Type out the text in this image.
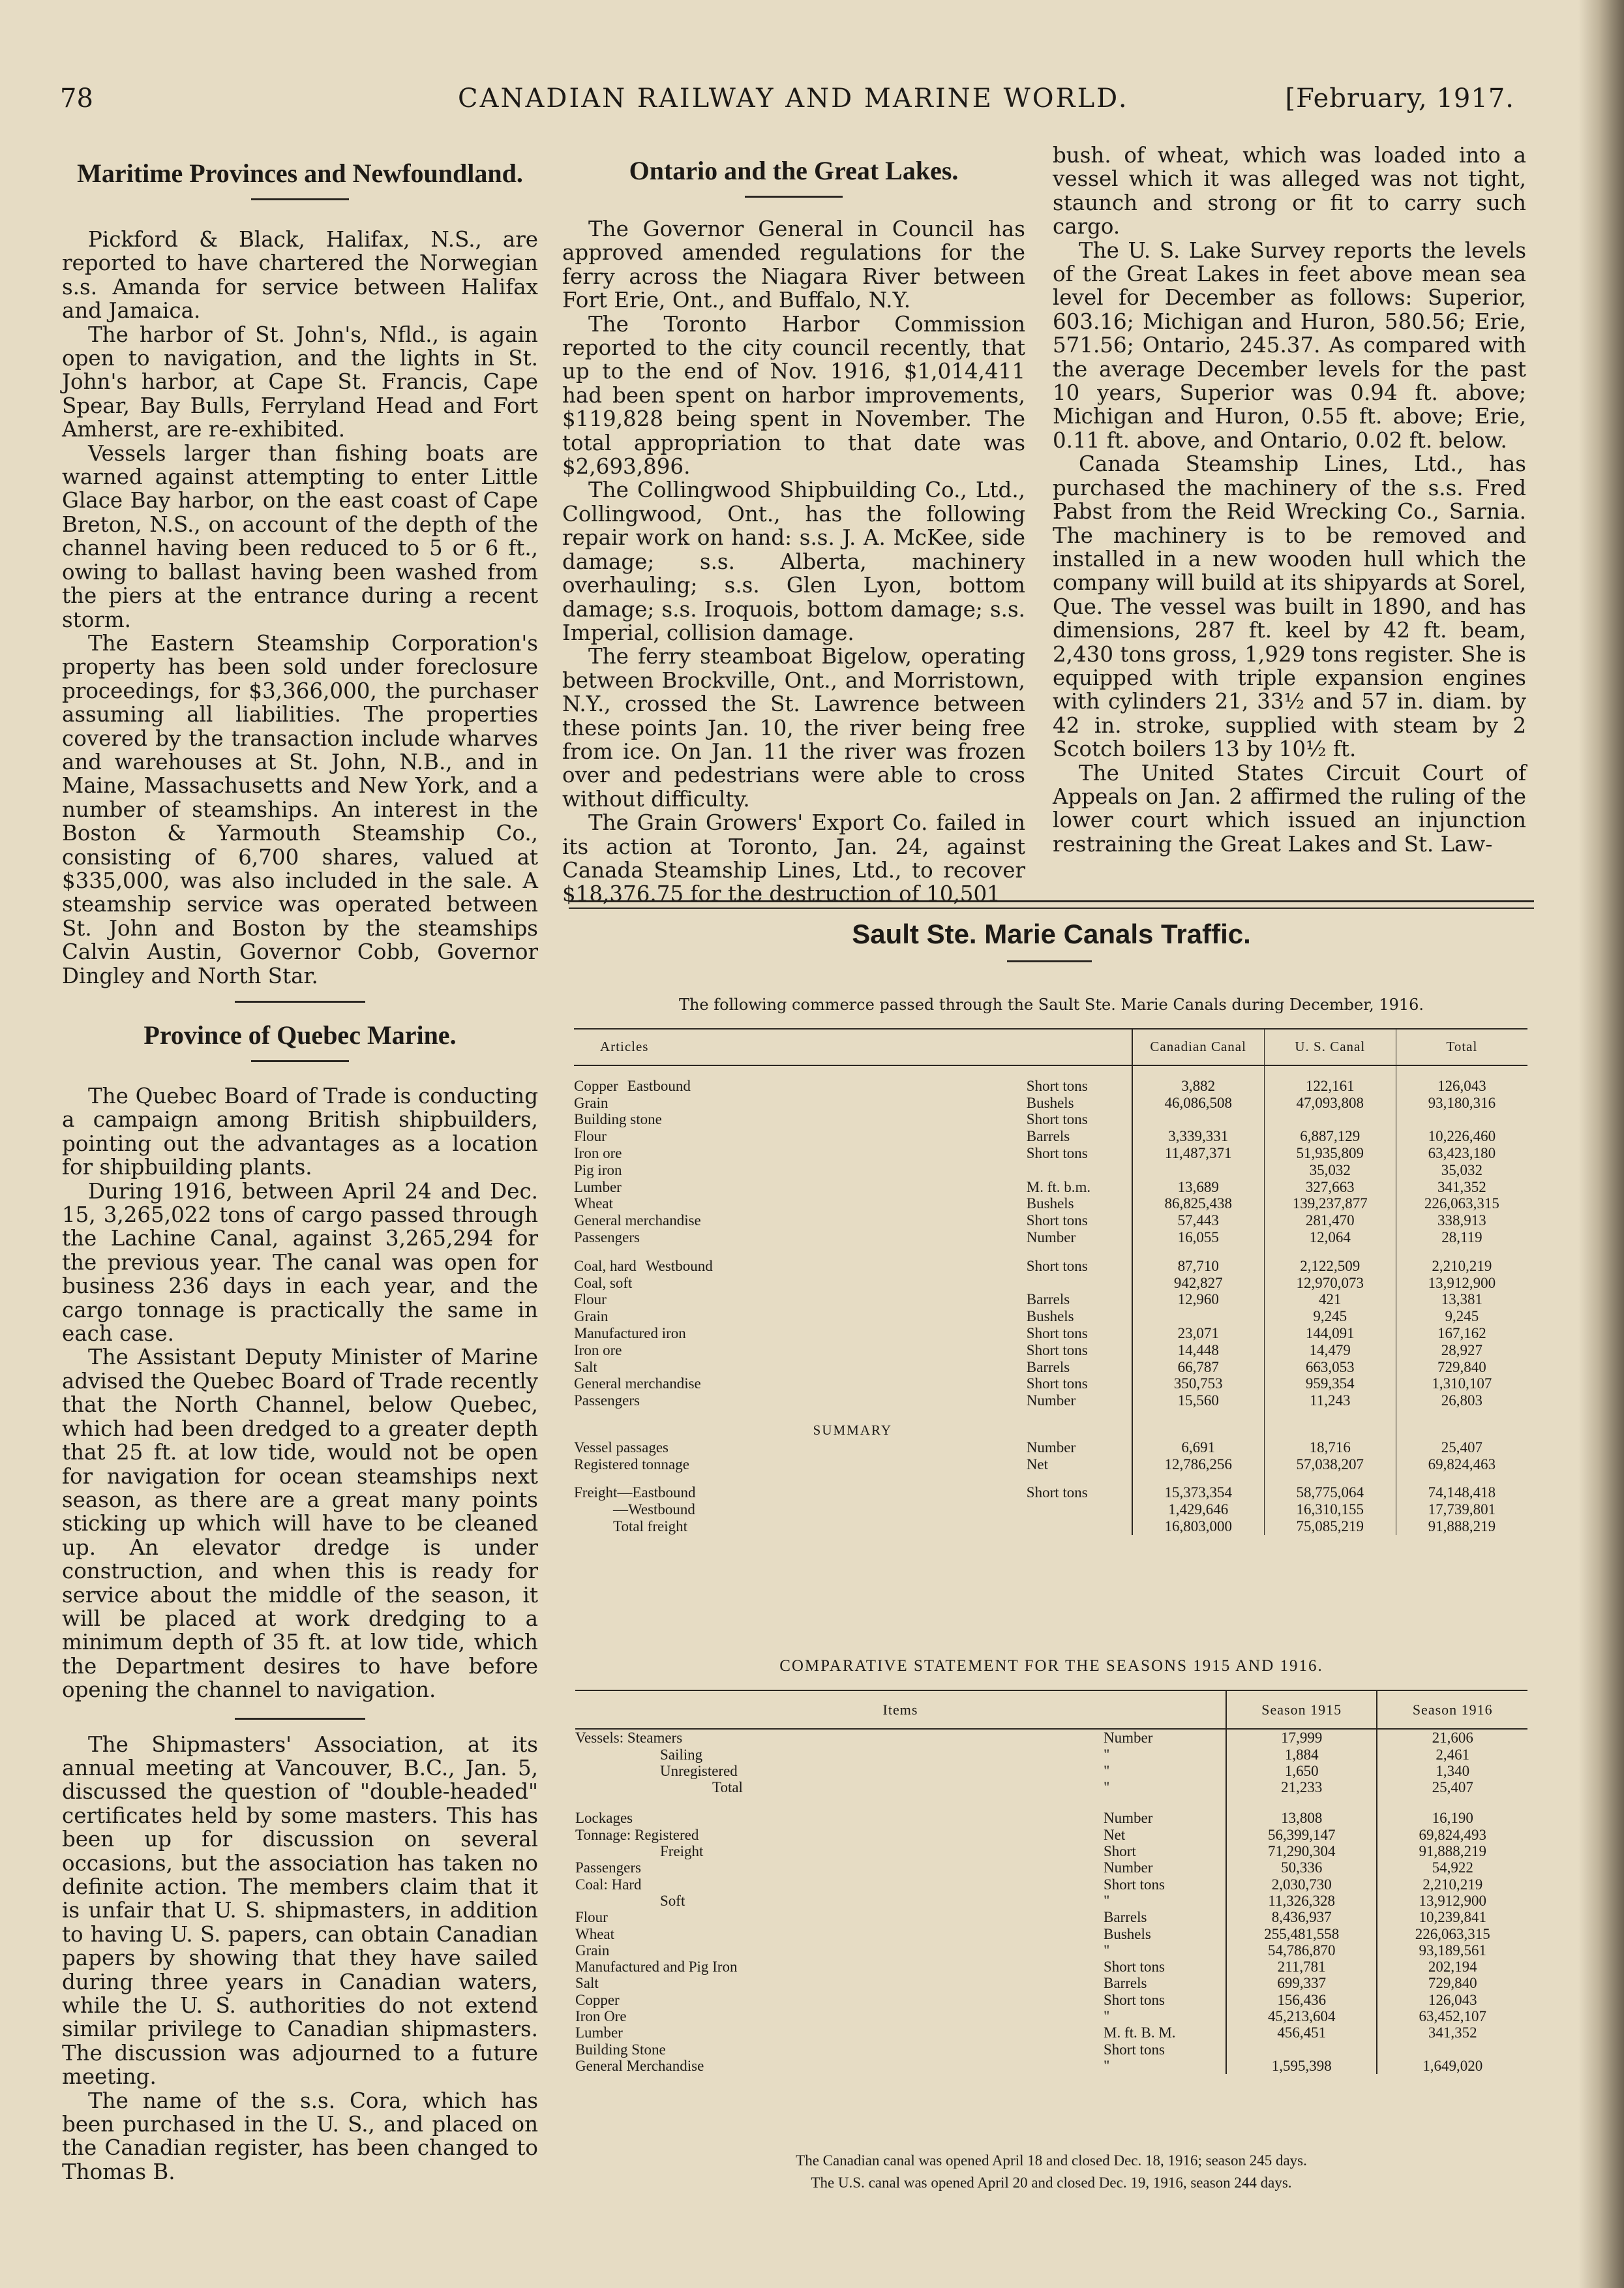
78	CANADIAN RAILWAY AND MARINE WORLD.	[February, 1917.
Maritime Provinces and Newfoundland.

Pickford & Black, Halifax, N.S., are reported to have chartered the Norwegian s.s. Amanda for service between Halifax and Jamaica.

The harbor of St. John's, Nfld., is again open to navigation, and the lights in St. John's harbor, at Cape St. Francis, Cape Spear, Bay Bulls, Ferryland Head and Fort Amherst, are re-exhibited.

Vessels larger than fishing boats are warned against attempting to enter Little Glace Bay harbor, on the east coast of Cape Breton, N.S., on account of the depth of the channel having been reduced to 5 or 6 ft., owing to ballast having been washed from the piers at the entrance during a recent storm.

The Eastern Steamship Corporation's property has been sold under foreclosure proceedings, for $3,366,000, the purchaser assuming all liabilities. The properties covered by the transaction include wharves and warehouses at St. John, N.B., and in Maine, Massachusetts and New York, and a number of steamships. An interest in the Boston & Yarmouth Steamship Co., consisting of 6,700 shares, valued at $335,000, was also included in the sale. A steamship service was operated between St. John and Boston by the steamships Calvin Austin, Governor Cobb, Governor Dingley and North Star.

Province of Quebec Marine.

The Quebec Board of Trade is conducting a campaign among British shipbuilders, pointing out the advantages as a location for shipbuilding plants.

During 1916, between April 24 and Dec. 15, 3,265,022 tons of cargo passed through the Lachine Canal, against 3,265,294 for the previous year. The canal was open for business 236 days in each year, and the cargo tonnage is practically the same in each case.

The Assistant Deputy Minister of Marine advised the Quebec Board of Trade recently that the North Channel, below Quebec, which had been dredged to a greater depth that 25 ft. at low tide, would not be open for navigation for ocean steamships next season, as there are a great many points sticking up which will have to be cleaned up. An elevator dredge is under construction, and when this is ready for service about the middle of the season, it will be placed at work dredging to a minimum depth of 35 ft. at low tide, which the Department desires to have before opening the channel to navigation.

The Shipmasters' Association, at its annual meeting at Vancouver, B.C., Jan. 5, discussed the question of "double-headed" certificates held by some masters. This has been up for discussion on several occasions, but the association has taken no definite action. The members claim that it is unfair that U. S. shipmasters, in addition to having U. S. papers, can obtain Canadian papers by showing that they have sailed during three years in Canadian waters, while the U. S. authorities do not extend similar privilege to Canadian shipmasters. The discussion was adjourned to a future meeting.

The name of the s.s. Cora, which has been purchased in the U. S., and placed on the Canadian register, has been changed to Thomas B.

Ontario and the Great Lakes.

The Governor General in Council has approved amended regulations for the ferry across the Niagara River between Fort Erie, Ont., and Buffalo, N.Y.

The Toronto Harbor Commission reported to the city council recently, that up to the end of Nov. 1916, $1,014,411 had been spent on harbor improvements, $119,828 being spent in November. The total appropriation to that date was $2,693,896.

The Collingwood Shipbuilding Co., Ltd., Collingwood, Ont., has the following repair work on hand: s.s. J. A. McKee, side damage; s.s. Alberta, machinery overhauling; s.s. Glen Lyon, bottom damage; s.s. Iroquois, bottom damage; s.s. Imperial, collision damage.

The ferry steamboat Bigelow, operating between Brockville, Ont., and Morristown, N.Y., crossed the St. Lawrence between these points Jan. 10, the river being free from ice. On Jan. 11 the river was frozen over and pedestrians were able to cross without difficulty.

The Grain Growers' Export Co. failed in its action at Toronto, Jan. 24, against Canada Steamship Lines, Ltd., to recover $18,376.75 for the destruction of 10,501

bush. of wheat, which was loaded into a vessel which it was alleged was not tight, staunch and strong or fit to carry such cargo.

The U. S. Lake Survey reports the levels of the Great Lakes in feet above mean sea level for December as follows: Superior, 603.16; Michigan and Huron, 580.56; Erie, 571.56; Ontario, 245.37. As compared with the average December levels for the past 10 years, Superior was 0.94 ft. above; Michigan and Huron, 0.55 ft. above; Erie, 0.11 ft. above, and Ontario, 0.02 ft. below.

Canada Steamship Lines, Ltd., has purchased the machinery of the s.s. Fred Pabst from the Reid Wrecking Co., Sarnia. The machinery is to be removed and installed in a new wooden hull which the company will build at its shipyards at Sorel, Que. The vessel was built in 1890, and has dimensions, 287 ft. keel by 42 ft. beam, 2,430 tons gross, 1,929 tons register. She is equipped with triple expansion engines with cylinders 21, 33½ and 57 in. diam. by 42 in. stroke, supplied with steam by 2 Scotch boilers 13 by 10½ ft.

The United States Circuit Court of Appeals on Jan. 2 affirmed the ruling of the lower court which issued an injunction restraining the Great Lakes and St. Law-

Sault Ste. Marie Canals Traffic.
The following commerce passed through the Sault Ste. Marie Canals during December, 1916.
Articles		Canadian Canal	U. S. Canal	Total
Copper Eastbound	Short tons	3,882	122,161	126,043
Grain	Bushels	46,086,508	47,093,808	93,180,316
Building stone	Short tons			
Flour	Barrels	3,339,331	6,887,129	10,226,460
Iron ore	Short tons	11,487,371	51,935,809	63,423,180
Pig iron			35,032	35,032
Lumber	M. ft. b.m.	13,689	327,663	341,352
Wheat	Bushels	86,825,438	139,237,877	226,063,315
General merchandise	Short tons	57,443	281,470	338,913
Passengers	Number	16,055	12,064	28,119
Coal, hard Westbound	Short tons	87,710	2,122,509	2,210,219
Coal, soft		942,827	12,970,073	13,912,900
Flour	Barrels	12,960	421	13,381
Grain	Bushels		9,245	9,245
Manufactured iron	Short tons	23,071	144,091	167,162
Iron ore	Short tons	14,448	14,479	28,927
Salt	Barrels	66,787	663,053	729,840
General merchandise	Short tons	350,753	959,354	1,310,107
Passengers	Number	15,560	11,243	26,803
SUMMARY				
Vessel passages	Number	6,691	18,716	25,407
Registered tonnage	Net	12,786,256	57,038,207	69,824,463
Freight—Eastbound	Short tons	15,373,354	58,775,064	74,148,418
—Westbound		1,429,646	16,310,155	17,739,801
Total freight		16,803,000	75,085,219	91,888,219
COMPARATIVE STATEMENT FOR THE SEASONS 1915 AND 1916.
Items	Season 1915	Season 1916
Vessels: Steamers Number	17,999	21,606
Sailing "	1,884	2,461
Unregistered "	1,650	1,340
Total "	21,233	25,407
Lockages Number	13,808	16,190
Tonnage: Registered Net	56,399,147	69,824,493
Freight Short	71,290,304	91,888,219
Passengers Number	50,336	54,922
Coal: Hard Short tons	2,030,730	2,210,219
Soft "	11,326,328	13,912,900
Flour Barrels	8,436,937	10,239,841
Wheat Bushels	255,481,558	226,063,315
Grain "	54,786,870	93,189,561
Manufactured and Pig Iron Short tons	211,781	202,194
Salt Barrels	699,337	729,840
Copper Short tons	156,436	126,043
Iron Ore "	45,213,604	63,452,107
Lumber M. ft. B. M.	456,451	341,352
Building Stone Short tons		

General Merchandise "	1,595,398	1,649,020
The Canadian canal was opened April 18 and closed Dec. 18, 1916; season 245 days.
The U.S. canal was opened April 20 and closed Dec. 19, 1916, season 244 days.
